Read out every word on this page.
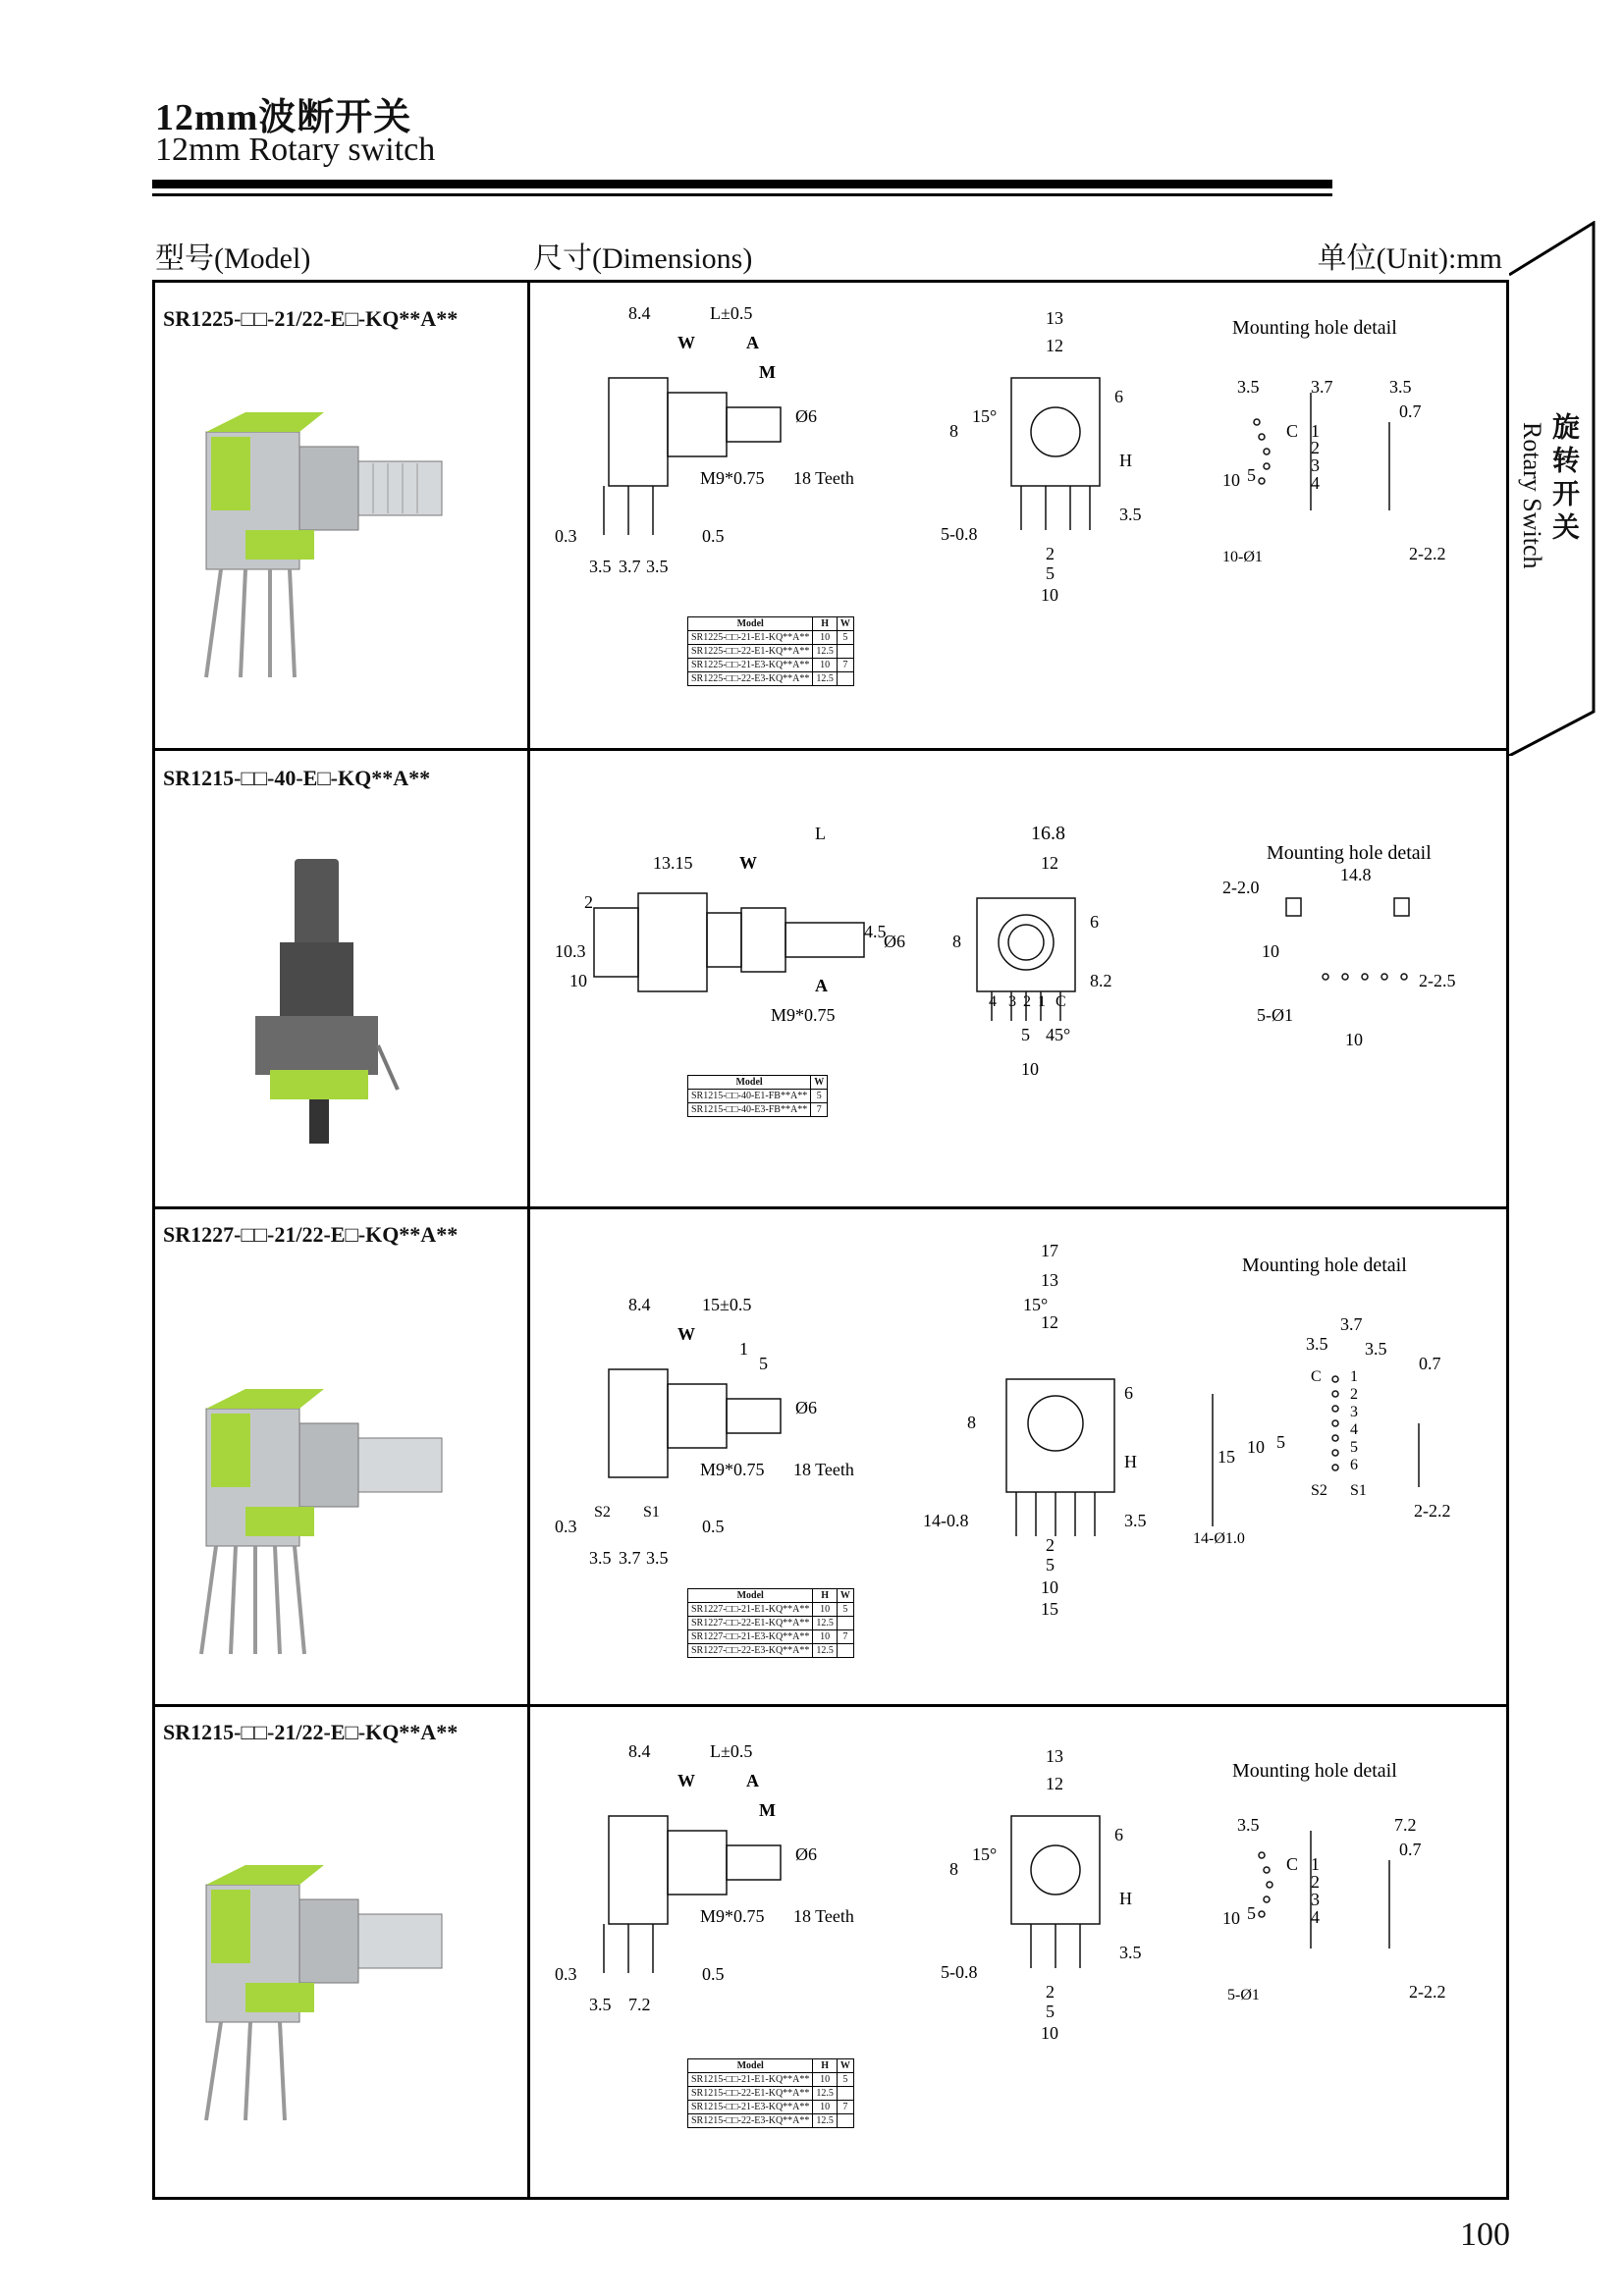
12mm波断开关
12mm Rotary switch
型号(Model)	尺寸(Dimensions)	单位(Unit):mm
旋转开关
Rotary Switch
SR1225-□□-21/22-E□-KQ**A**	8.4	L±0.5
W	A
M
Ø6
M9*0.75 18 Teeth
0.3	0.5
3.5 3.7 3.5
13
12
6
8
15°
H
3.5
5-0.8
2
5
10
Mounting hole detail
3.5	3.7	3.5
0.7
10 5
2-2.2
10-Ø1
C 1
2
3
4
Model	H	W
SR1225-□□-21-E1-KQ**A**	10	5
SR1225-□□-22-E1-KQ**A**	12.5	
SR1225-□□-21-E3-KQ**A**	10	7
SR1225-□□-22-E3-KQ**A**	12.5	
SR1215-□□-40-E□-KQ**A**
L
13.15	W
2
10.3
10
4.5
Ø6
A
M9*0.75
16.8
12
8
6
8.2
4 3 2 1 C
5 45°
10
Mounting hole detail
2-2.0
14.8
10
2-2.5
5-Ø1
10
Model	W
SR1215-□□-40-E1-FB**A**	5
SR1215-□□-40-E3-FB**A**	7
SR1227-□□-21/22-E□-KQ**A**
8.4	15±0.5
W
1
5
Ø6
M9*0.75 18 Teeth
0.3	0.5
S2 S1
3.5 3.7 3.5
17
13
15°
12
8
6
H
3.5
14-0.8
2
5
10
15
Mounting hole detail
3.7
3.5 3.5
0.7
15 10 5
2-2.2
14-Ø1.0
C 1
2
3
4
5
6
S1
S2
Model	H	W
SR1227-□□-21-E1-KQ**A**	10	5
SR1227-□□-22-E1-KQ**A**	12.5	
SR1227-□□-21-E3-KQ**A**	10	7
SR1227-□□-22-E3-KQ**A**	12.5	
SR1215-□□-21/22-E□-KQ**A**
8.4	L±0.5
W	A
M
Ø6
M9*0.75 18 Teeth
0.3	0.5
3.5 7.2
13
12
6
8
15°
H
3.5
5-0.8
2
5
10
Mounting hole detail
3.5	7.2
0.7
10 5
2-2.2
5-Ø1
C 1
2
3
4
Model	H	W
SR1215-□□-21-E1-KQ**A**	10	5
SR1215-□□-22-E1-KQ**A**	12.5	
SR1215-□□-21-E3-KQ**A**	10	7
SR1215-□□-22-E3-KQ**A**	12.5	
100
